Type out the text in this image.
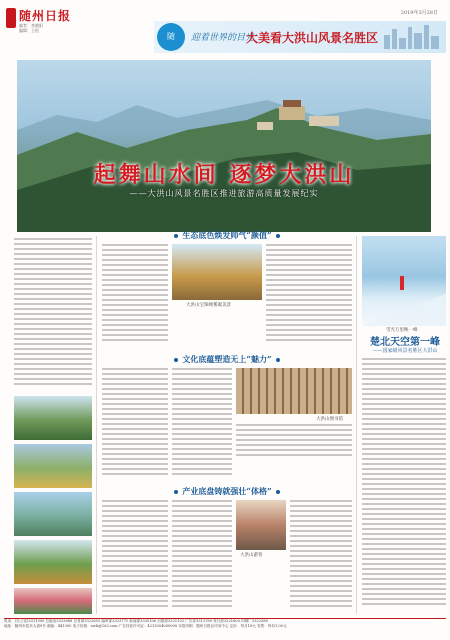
随州日报
编者：李晓阳
编辑：王松
2019年3月28日
随	迎着世界的目光
大美看大洪山风景名胜区
起舞山水间 逐梦大洪山
——大洪山风景名胜区推进旅游高质量发展纪实
生态底色焕发帅气“颜值”
大洪山宝珠峰雾凇美景
文化底蕴塑造无上“魅力”
大洪山图书馆
产业底盘铸就强壮“体格”
大洪山游客
雪光万里映一峰
楚北天空第一峰
——国家级风景名胜区大洪山
电话：(办公室)3311990 总编室3323888 记者部3323655 编审部3323771 新闻部3330106 出版部3321102 广告部3313789 发行部3321600 印刷厂3322588
地址：随州市迎宾大道9号 邮编：441300 电子信箱：szrb@163.com 广告经营许可证：4213004000008 本报印刷：随州日报社印务中心 定价：每月18元 零售：每份1.00元
